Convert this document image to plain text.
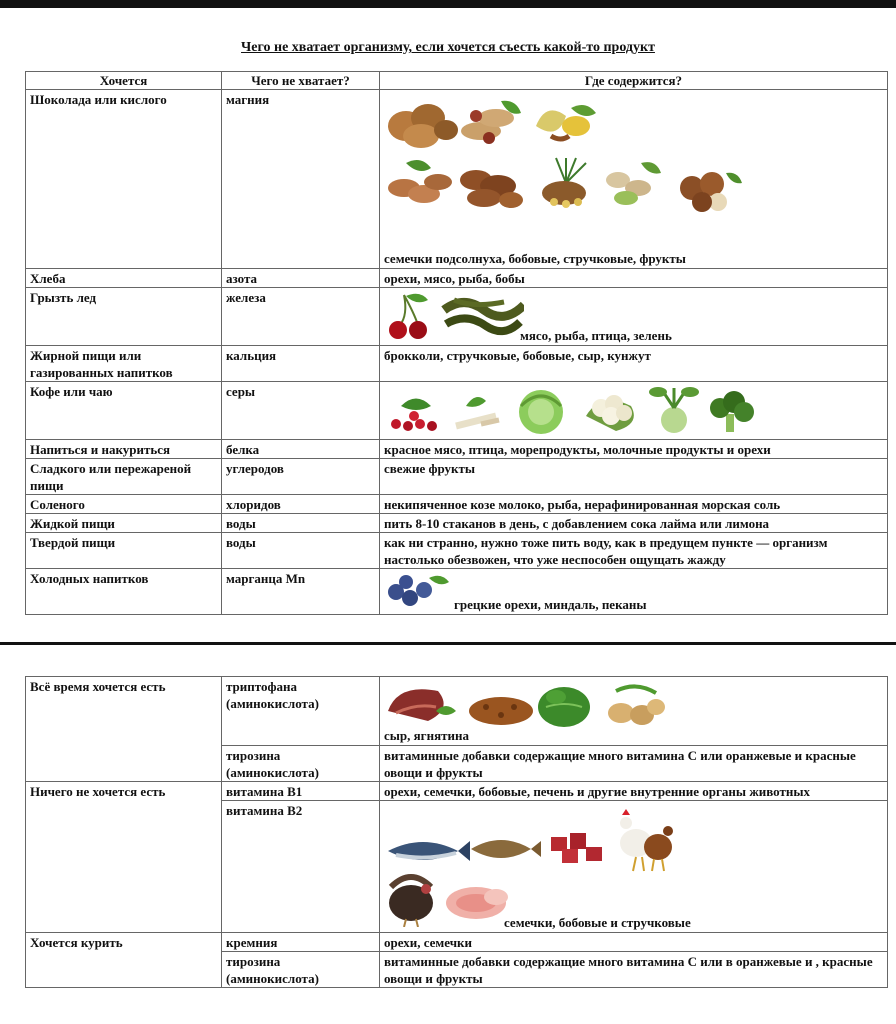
Чего не хватает организму, если хочется съесть какой-то продукт
Хочется	Чего не хватает?	Где содержится?
Шоколада или кислого	магния	семечки подсолнуха, бобовые, стручковые, фрукты

Хлеба	азота	орехи, мясо, рыба, бобы
Грызть лед	железа	мясо, рыба, птица, зелень

Жирной пищи или газированных напитков	кальция	брокколи, стручковые, бобовые, сыр, кунжут
Кофе или чаю	серы	

Напиться и накуриться	белка	красное мясо, птица, морепродукты, молочные продукты и орехи
Сладкого или пережареной пищи	углеродов	свежие фрукты
Соленого	хлоридов	некипяченное козе молоко, рыба, нерафинированная морская соль
Жидкой пищи	воды	пить 8-10 стаканов в день, с добавлением сока лайма или лимона
Твердой пищи	воды	как ни странно, нужно тоже пить воду, как в предущем пункте — организм настолько обезвожен, что уже неспособен ощущать жажду
Холодных напитков	марганца Mn	грецкие орехи, миндаль, пеканы
Всё время хочется есть	триптофана (аминокислота)	сыр, ягнятина

	тирозина (аминокислота)	витаминные добавки содержащие много витамина С или оранжевые и красные овощи и фрукты
Ничего не хочется есть	витамина В1	орехи, семечки, бобовые, печень и другие внутренние органы животных
	витамина В2	семечки, бобовые и стручковые

Хочется курить	кремния	орехи, семечки
	тирозина (аминокислота)	витаминные добавки содержащие много витамина С или в оранжевые и , красные овощи и фрукты
